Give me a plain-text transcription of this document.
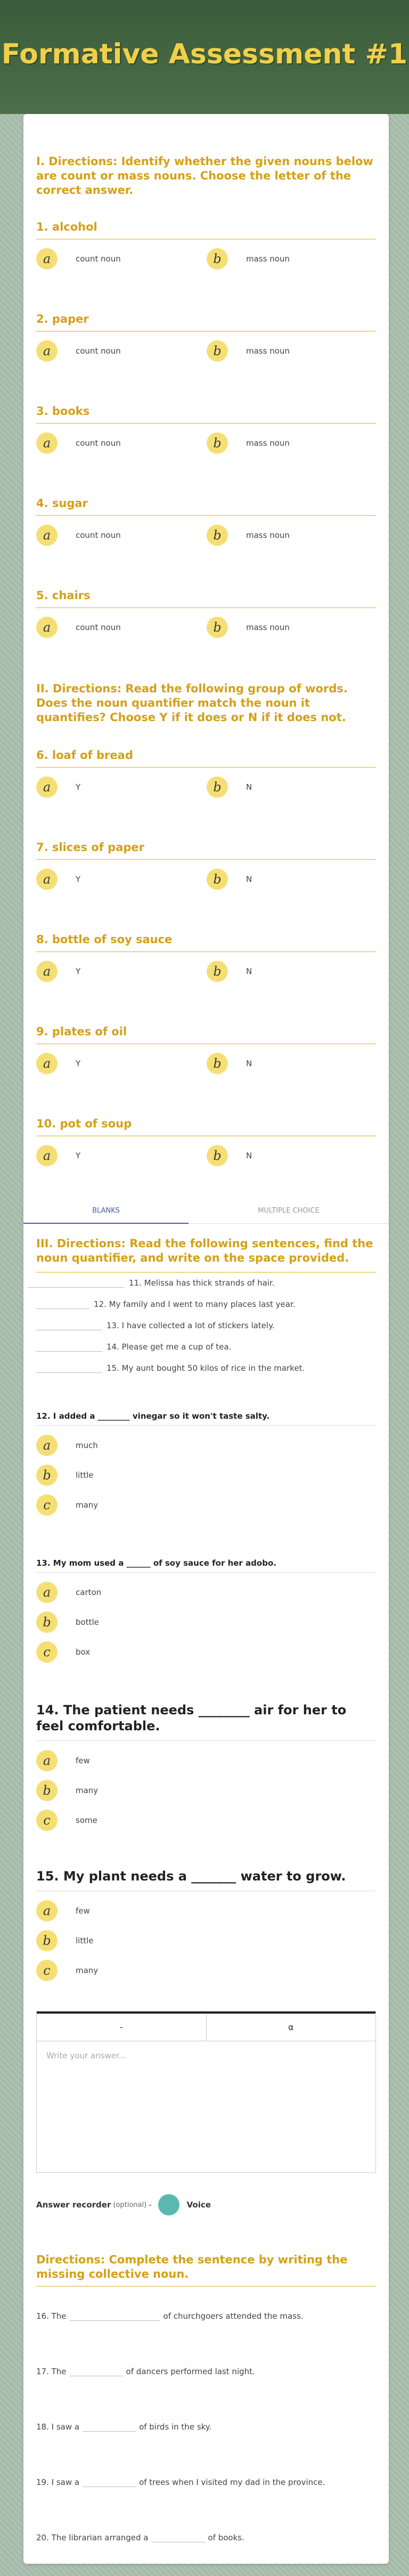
Formative Assessment #1
I. Directions: Identify whether the given nouns below are count or mass nouns. Choose the letter of the correct answer.
1. alcohol
a	count noun	b	mass noun
2. paper
a	count noun	b	mass noun
3. books
a	count noun	b	mass noun
4. sugar
a	count noun	b	mass noun
5. chairs
a	count noun	b	mass noun
II. Directions: Read the following group of words. Does the noun quantifier match the noun it quantifies? Choose Y if it does or N if it does not.
6. loaf of bread
a	Y	b	N
7. slices of paper
a	Y	b	N
8. bottle of soy sauce
a	Y	b	N
9. plates of oil
a	Y	b	N
10. pot of soup
a	Y	b	N
BLANKS	MULTIPLE CHOICE
III. Directions: Read the following sentences, find the noun quantifier, and write on the space provided.
11. Melissa has thick strands of hair.
12. My family and I went to many places last year.
13. I have collected a lot of stickers lately.
14. Please get me a cup of tea.
15. My aunt bought 50 kilos of rice in the market.
12. I added a ________ vinegar so it won't taste salty.
a	much
b	little
c	many
13. My mom used a ______ of soy sauce for her adobo.
a	carton
b	bottle
c	box
14. The patient needs ________ air for her to feel comfortable.
a	few
b	many
c	some
15. My plant needs a _______ water to grow.
a	few
b	little
c	many
-	α
Write your answer...
Answer recorder (optional) -	Voice
Directions: Complete the sentence by writing the missing collective noun.
16. The	of churchgoers attended the mass.
17. The	of dancers performed last night.
18. I saw a	of birds in the sky.
19. I saw a	of trees when I visited my dad in the province.
20. The librarian arranged a	of books.
